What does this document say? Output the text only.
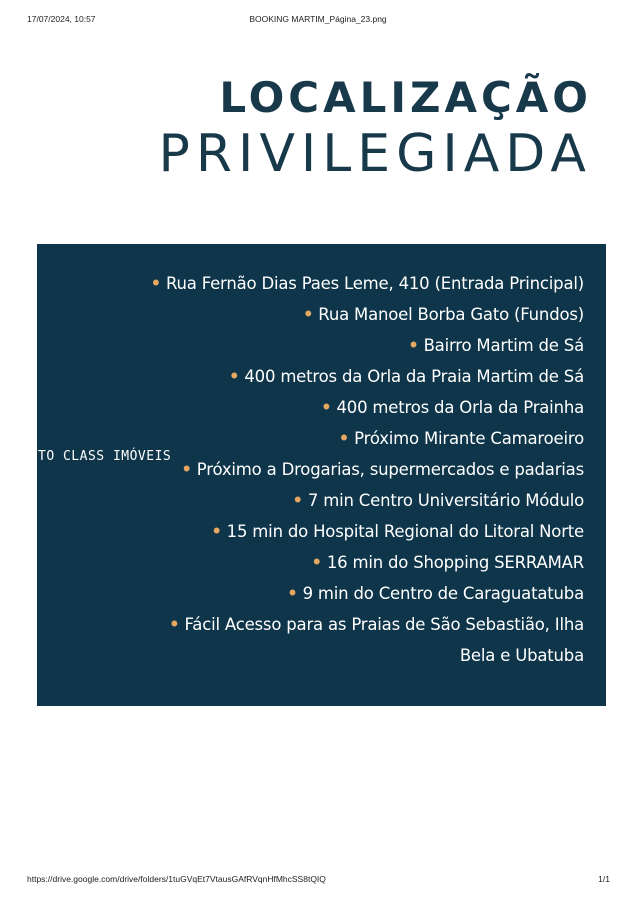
17/07/2024, 10:57	BOOKING MARTIM_Página_23.png
LOCALIZAÇÃO
PRIVILEGIADA
• Rua Fernão Dias Paes Leme, 410 (Entrada Principal)
• Rua Manoel Borba Gato (Fundos)
• Bairro Martim de Sá
• 400 metros da Orla da Praia Martim de Sá
• 400 metros da Orla da Prainha
• Próximo Mirante Camaroeiro
• Próximo a Drogarias, supermercados e padarias
• 7 min Centro Universitário Módulo
• 15 min do Hospital Regional do Litoral Norte
• 16 min do Shopping SERRAMAR
• 9 min do Centro de Caraguatatuba
• Fácil Acesso para as Praias de São Sebastião, Ilha
Bela e Ubatuba
TO CLASS IMÓVEIS
https://drive.google.com/drive/folders/1tuGVqEt7VtausGAfRVqnHfMhcSS8tQIQ	1/1
